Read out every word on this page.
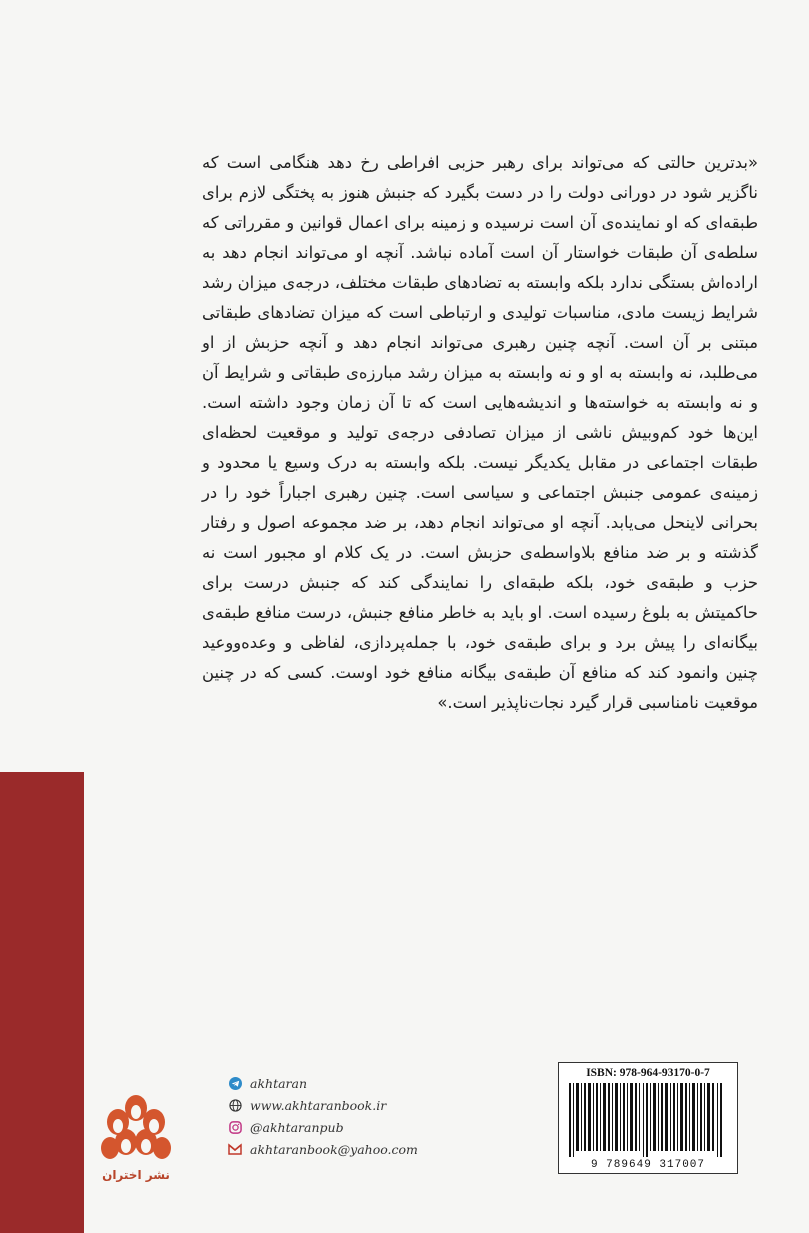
«بدترین حالتی که می‌تواند برای رهبر حزبی افراطی رخ دهد هنگامی است که ناگزیر شود در دورانی دولت را در دست بگیرد که جنبش هنوز به پختگی لازم برای طبقه‌ای که او نماینده‌ی آن است نرسیده و زمینه برای اعمال قوانین و مقرراتی که سلطه‌ی آن طبقات خواستار آن است آماده نباشد. آنچه او می‌تواند انجام دهد به اراده‌اش بستگی ندارد بلکه وابسته به تضادهای طبقات مختلف، درجه‌ی میزان رشد شرایط زیست مادی، مناسبات تولیدی و ارتباطی است که میزان تضادهای طبقاتی مبتنی بر آن است. آنچه چنین رهبری می‌تواند انجام دهد و آنچه حزبش از او می‌طلبد، نه وابسته به او و نه وابسته به میزان رشد مبارزه‌ی طبقاتی و شرایط آن و نه وابسته به خواسته‌ها و اندیشه‌هایی است که تا آن زمان وجود داشته است. این‌ها خود کم‌وبیش ناشی از میزان تصادفی درجه‌ی تولید و موقعیت لحظه‌ای طبقات اجتماعی در مقابل یکدیگر نیست. بلکه وابسته به درک وسیع یا محدود و زمینه‌ی عمومی جنبش اجتماعی و سیاسی است. چنین رهبری اجباراً خود را در بحرانی لاینحل می‌یابد. آنچه او می‌تواند انجام دهد، بر ضد مجموعه اصول و رفتار گذشته و بر ضد منافع بلاواسطه‌ی حزبش است. در یک کلام او مجبور است نه حزب و طبقه‌ی خود، بلکه طبقه‌ای را نمایندگی کند که جنبش درست برای حاکمیتش به بلوغ رسیده است. او باید به خاطر منافع جنبش، درست منافع طبقه‌ی بیگانه‌ای را پیش برد و برای طبقه‌ی خود، با جمله‌پردازی، لفاظی و وعده‌ووعید چنین وانمود کند که منافع آن طبقه‌ی بیگانه منافع خود اوست. کسی که در چنین موقعیت نامناسبی قرار گیرد نجات‌ناپذیر است.»

akhtaran
www.akhtaranbook.ir
@akhtaranpub
akhtaranbook@yahoo.com
نشر اختران
ISBN: 978-964-93170-0-7
9 789649 317007
